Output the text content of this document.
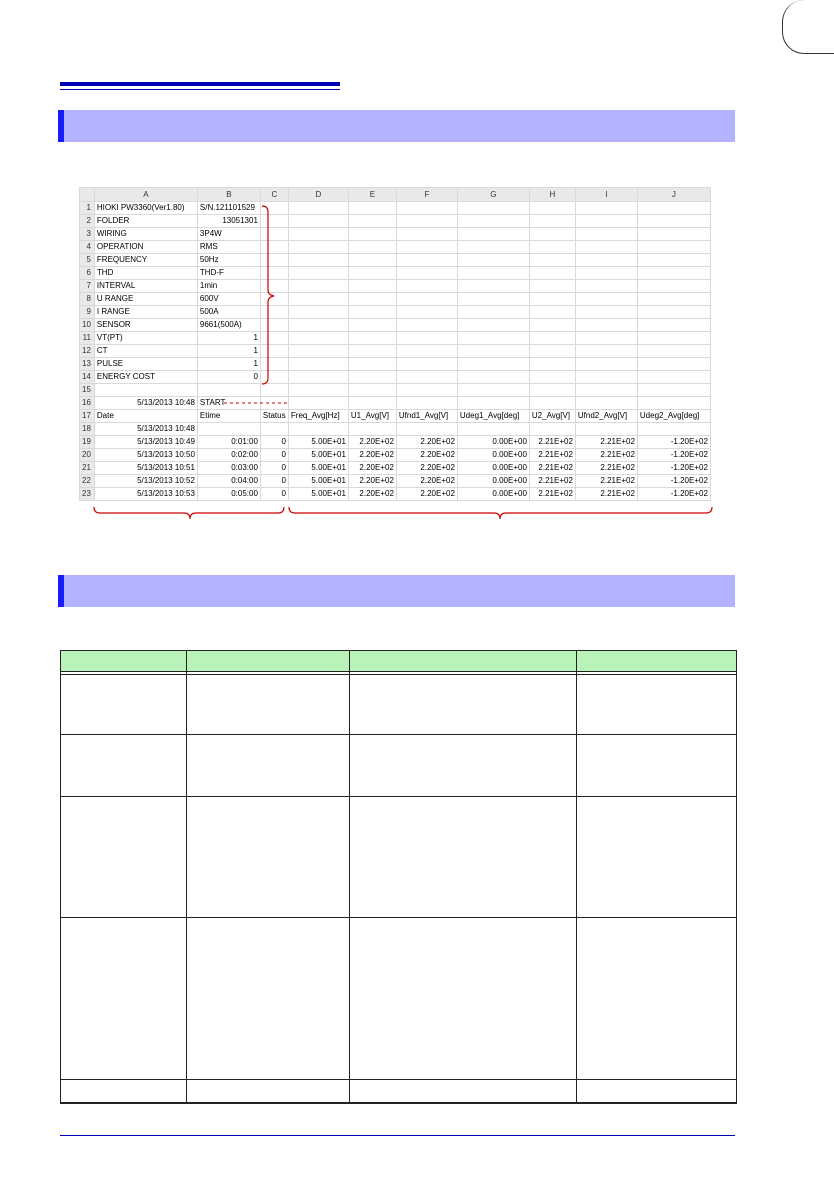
	A	B	C	D	E	F	G	H	I	J
1	HIOKI PW3360(Ver1.80)	S/N.121101529								
2	FOLDER	13051301								
3	WIRING	3P4W								
4	OPERATION	RMS								
5	FREQUENCY	50Hz								
6	THD	THD-F								
7	INTERVAL	1min								
8	U RANGE	600V								
9	I RANGE	500A								
10	SENSOR	9661(500A)								
11	VT(PT)	1								
12	CT	1								
13	PULSE	1								
14	ENERGY COST	0								
15										
16	5/13/2013 10:48	START								
17	Date	Etime	Status	Freq_Avg[Hz]	U1_Avg[V]	Ufnd1_Avg[V]	Udeg1_Avg[deg]	U2_Avg[V]	Ufnd2_Avg[V]	Udeg2_Avg[deg]
18	5/13/2013 10:48									
19	5/13/2013 10:49	0:01:00	0	5.00E+01	2.20E+02	2.20E+02	0.00E+00	2.21E+02	2.21E+02	-1.20E+02
20	5/13/2013 10:50	0:02:00	0	5.00E+01	2.20E+02	2.20E+02	0.00E+00	2.21E+02	2.21E+02	-1.20E+02
21	5/13/2013 10:51	0:03:00	0	5.00E+01	2.20E+02	2.20E+02	0.00E+00	2.21E+02	2.21E+02	-1.20E+02
22	5/13/2013 10:52	0:04:00	0	5.00E+01	2.20E+02	2.20E+02	0.00E+00	2.21E+02	2.21E+02	-1.20E+02
23	5/13/2013 10:53	0:05:00	0	5.00E+01	2.20E+02	2.20E+02	0.00E+00	2.21E+02	2.21E+02	-1.20E+02
